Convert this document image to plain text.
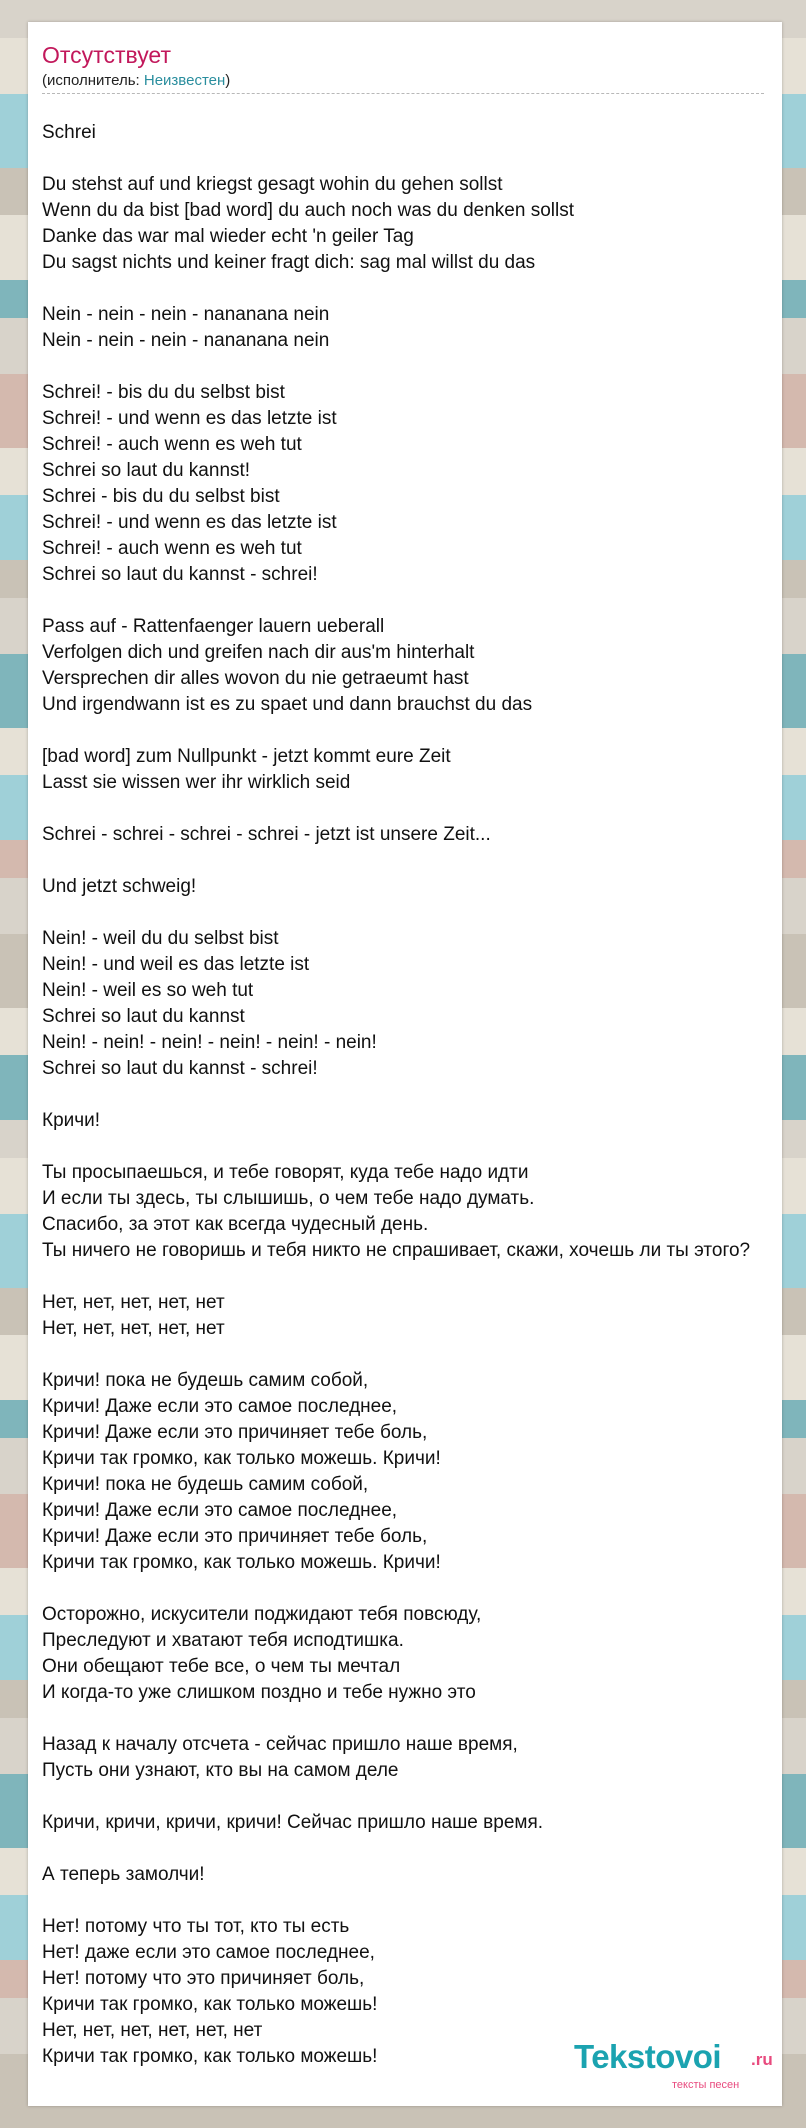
Отсутствует
(исполнитель: Неизвестен)
Schrei
Du stehst auf und kriegst gesagt wohin du gehen sollst
Wenn du da bist [bad word] du auch noch was du denken sollst
Danke das war mal wieder echt 'n geiler Tag
Du sagst nichts und keiner fragt dich: sag mal willst du das
Nein - nein - nein - nananana nein
Nein - nein - nein - nananana nein
Schrei! - bis du du selbst bist
Schrei! - und wenn es das letzte ist
Schrei! - auch wenn es weh tut
Schrei so laut du kannst!
Schrei - bis du du selbst bist
Schrei! - und wenn es das letzte ist
Schrei! - auch wenn es weh tut
Schrei so laut du kannst - schrei!
Pass auf - Rattenfaenger lauern ueberall
Verfolgen dich und greifen nach dir aus'm hinterhalt
Versprechen dir alles wovon du nie getraeumt hast
Und irgendwann ist es zu spaet und dann brauchst du das
[bad word] zum Nullpunkt - jetzt kommt eure Zeit
Lasst sie wissen wer ihr wirklich seid
Schrei - schrei - schrei - schrei - jetzt ist unsere Zeit...
Und jetzt schweig!
Nein! - weil du du selbst bist
Nein! - und weil es das letzte ist
Nein! - weil es so weh tut
Schrei so laut du kannst
Nein! - nein! - nein! - nein! - nein! - nein!
Schrei so laut du kannst - schrei!
Кричи!
Ты просыпаешься, и тебе говорят, куда тебе надо идти
И если ты здесь, ты слышишь, о чем тебе надо думать.
Спасибо, за этот как всегда чудесный день.
Ты ничего не говоришь и тебя никто не спрашивает, скажи, хочешь ли ты этого?
Нет, нет, нет, нет, нет
Нет, нет, нет, нет, нет
Кричи! пока не будешь самим собой,
Кричи! Даже если это самое последнее,
Кричи! Даже если это причиняет тебе боль,
Кричи так громко, как только можешь. Кричи!
Кричи! пока не будешь самим собой,
Кричи! Даже если это самое последнее,
Кричи! Даже если это причиняет тебе боль,
Кричи так громко, как только можешь. Кричи!
Осторожно, искусители поджидают тебя повсюду,
Преследуют и хватают тебя исподтишка.
Они обещают тебе все, о чем ты мечтал
И когда-то уже слишком поздно и тебе нужно это
Назад к началу отсчета - сейчас пришло наше время,
Пусть они узнают, кто вы на самом деле
Кричи, кричи, кричи, кричи! Сейчас пришло наше время.
А теперь замолчи!
Нет! потому что ты тот, кто ты есть
Нет! даже если это самое последнее,
Нет! потому что это причиняет боль,
Кричи так громко, как только можешь!
Нет, нет, нет, нет, нет, нет
Кричи так громко, как только можешь!	Tekstovoi .ru
тексты песен
